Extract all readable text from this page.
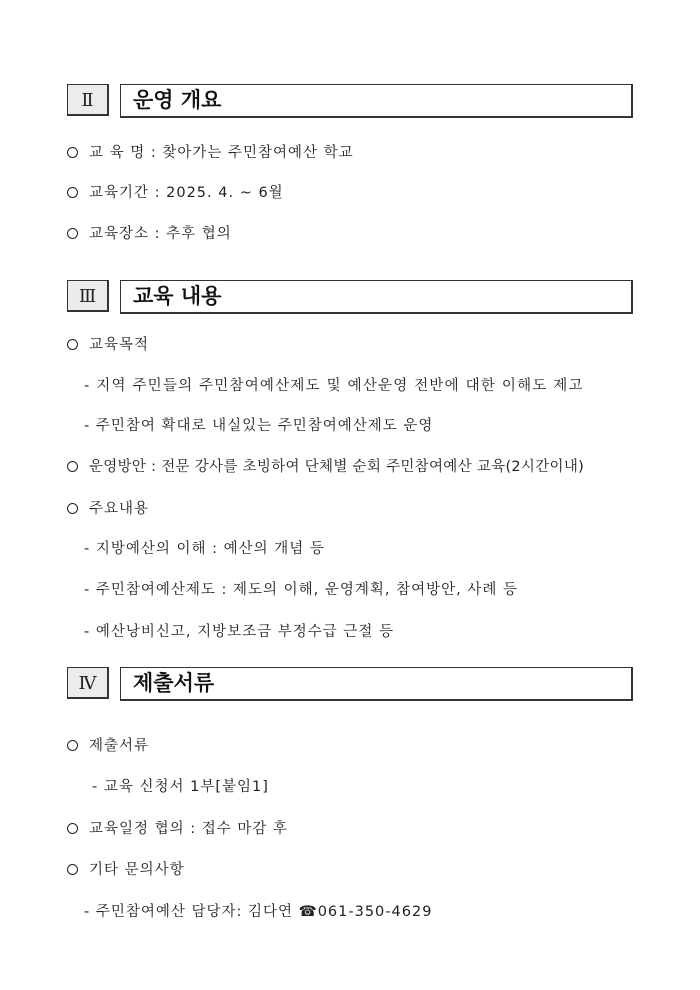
Ⅱ	운영 개요
교 육 명 : 찾아가는 주민참여예산 학교
교육기간 : 2025. 4. ~ 6월
교육장소 : 추후 협의
Ⅲ	교육 내용
교육목적
- 지역 주민들의 주민참여예산제도 및 예산운영 전반에 대한 이해도 제고
- 주민참여 확대로 내실있는 주민참여예산제도 운영
운영방안 : 전문 강사를 초빙하여 단체별 순회 주민참여예산 교육(2시간이내)
주요내용
- 지방예산의 이해 : 예산의 개념 등
- 주민참여예산제도 : 제도의 이해, 운영계획, 참여방안, 사례 등
- 예산낭비신고, 지방보조금 부정수급 근절 등
Ⅳ	제출서류
제출서류
- 교육 신청서 1부[붙임1]
교육일정 협의 : 접수 마감 후
기타 문의사항
- 주민참여예산 담당자: 김다연 ☎061-350-4629
